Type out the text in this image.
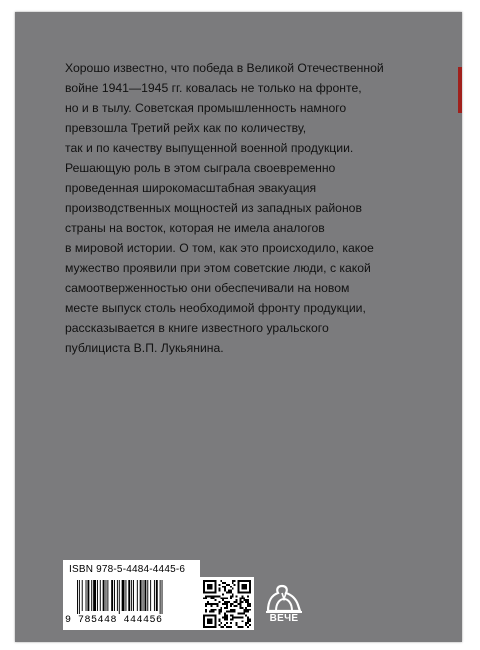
Хорошо известно, что победа в Великой Отечественной
войне 1941—1945 гг. ковалась не только на фронте,
но и в тылу. Советская промышленность намного
превзошла Третий рейх как по количеству,
так и по качеству выпущенной военной продукции.
Решающую роль в этом сыграла своевременно
проведенная широкомасштабная эвакуация
производственных мощностей из западных районов
страны на восток, которая не имела аналогов
в мировой истории. О том, как это происходило, какое
мужество проявили при этом советские люди, с какой
самоотверженностью они обеспечивали на новом
месте выпуск столь необходимой фронту продукции,
рассказывается в книге известного уральского
публициста В.П. Лукьянина.
ISBN 978-5-4484-4445-6
9 785448 444456	ВЕЧЕ
